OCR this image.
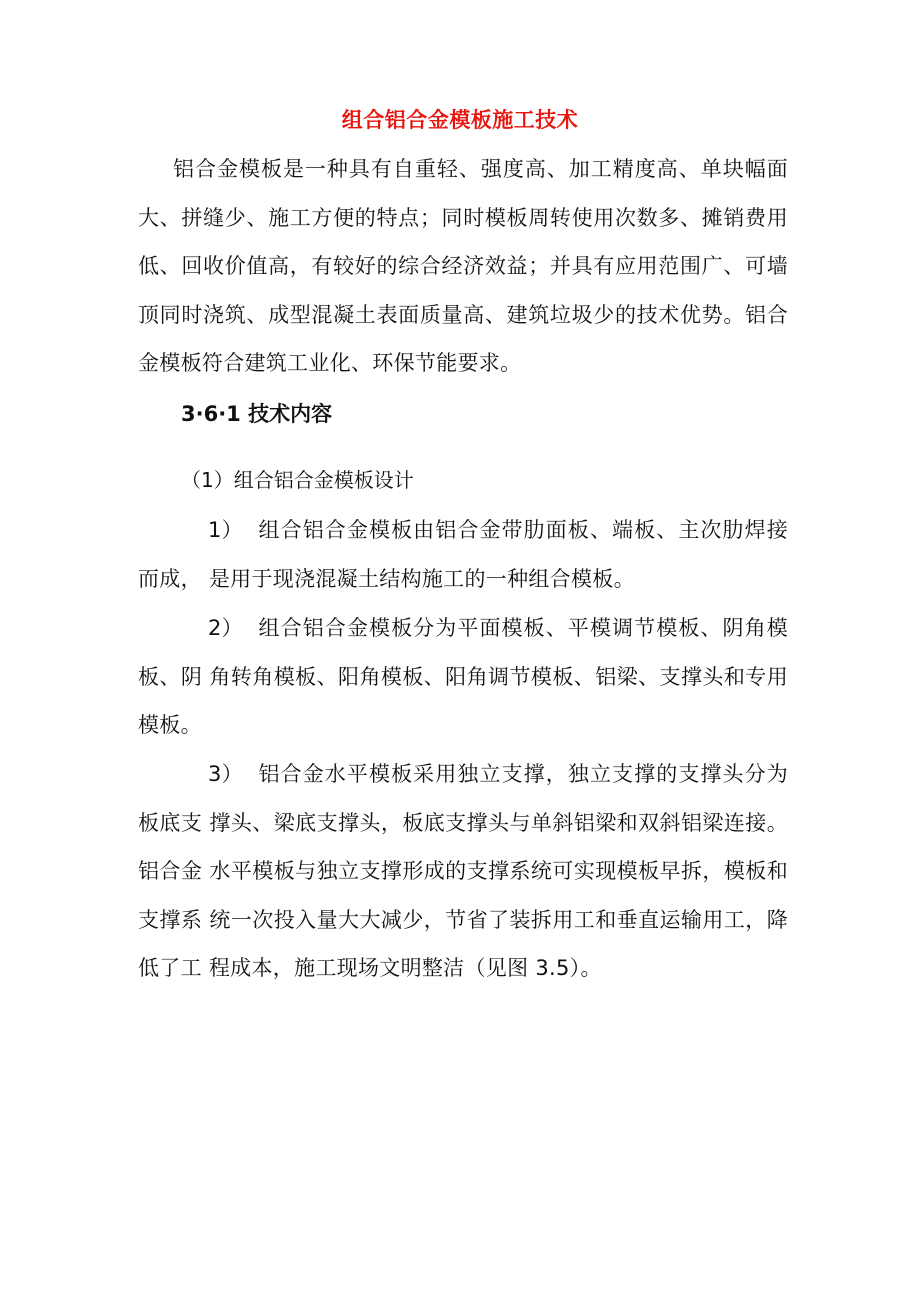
组合铝合金模板施工技术
铝合金模板是一种具有自重轻、强度高、加工精度高、单块幅面大、拼缝少、施工方便的特点；同时模板周转使用次数多、摊销费用低、回收价值高，有较好的综合经济效益；并具有应用范围广、可墙顶同时浇筑、成型混凝土表面质量高、建筑垃圾少的技术优势。铝合金模板符合建筑工业化、环保节能要求。
3·6·1 技术内容
（1）组合铝合金模板设计
1） 组合铝合金模板由铝合金带肋面板、端板、主次肋焊接而成， 是用于现浇混凝土结构施工的一种组合模板。
2） 组合铝合金模板分为平面模板、平模调节模板、阴角模板、阴 角转角模板、阳角模板、阳角调节模板、铝梁、支撑头和专用模板。
3） 铝合金水平模板采用独立支撑，独立支撑的支撑头分为板底支 撑头、梁底支撑头，板底支撑头与单斜铝梁和双斜铝梁连接。铝合金 水平模板与独立支撑形成的支撑系统可实现模板早拆，模板和支撑系 统一次投入量大大减少，节省了装拆用工和垂直运输用工，降低了工 程成本，施工现场文明整洁（见图 3.5）。
